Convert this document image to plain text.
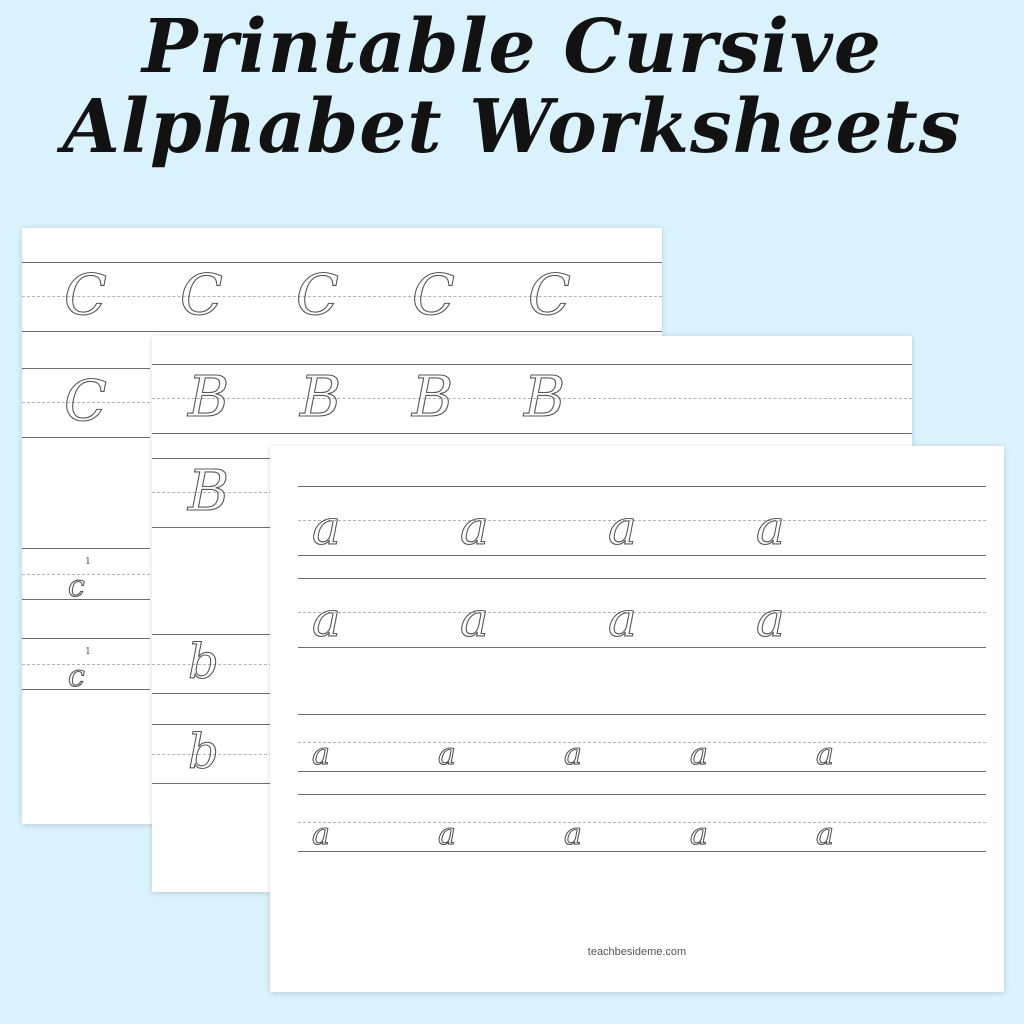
C C C C C
C
1
c
1
c
B B B B
B
b
b
a a a a
a a a a
a	a	a	a	a
a	a	a	a	a
teachbesideme.com
Printable Cursive
Alphabet Worksheets
